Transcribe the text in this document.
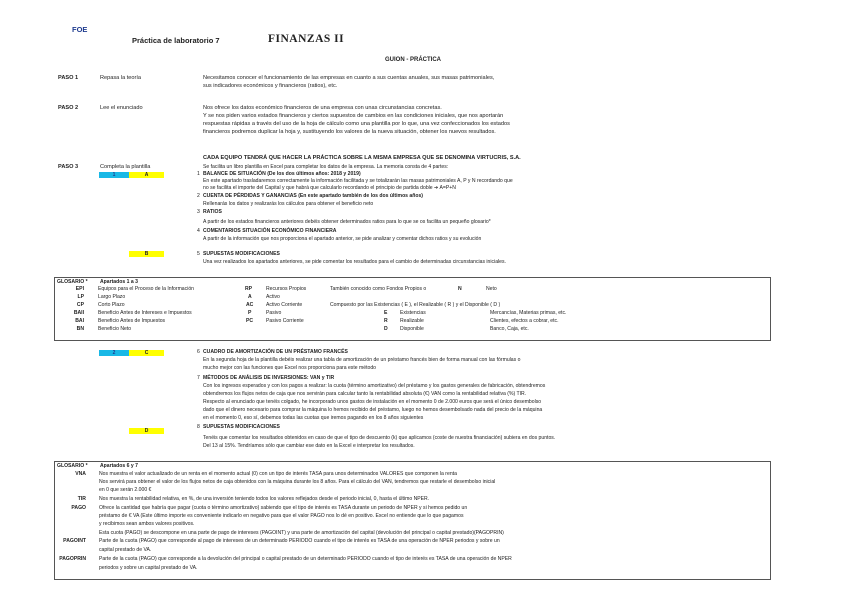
FOE
Práctica de laboratorio 7	FINANZAS II
GUION - PRÁCTICA
PASO 1	Repasa la teoría	Necesitamos conocer el funcionamiento de las empresas en cuanto a sus cuentas anuales, sus masas patrimoniales,
sus indicadores económicos y financieros (ratios), etc.
PASO 2	Lee el enunciado	Nos ofrece los datos económico financieros de una empresa con unas circunstancias concretas.
Y se nos piden varios estados financieros y ciertos supuestos de cambios en las condiciones iniciales, que nos aportarán
respuestas rápidas a través del uso de la hoja de cálculo como una plantilla por lo que, una vez confeccionados los estados
financieros podremos duplicar la hoja y, sustituyendo los valores de la nueva situación, obtener los nuevos resultados.
CADA EQUIPO TENDRÁ QUE HACER LA PRÁCTICA SOBRE LA MISMA EMPRESA QUE SE DENOMINA VIRTUCRIS, S.A.
PASO 3	Completa la plantilla	Se facilita un libro plantilla en Excel para completar los datos de la empresa. La memoria consta de 4 partes:
1	A	1 BALANCE DE SITUACIÓN (De los dos últimos años: 2018 y 2019)
En este apartado trasladaremos correctamente la información facilitada y se totalizarán las masas patrimoniales A, P y N recordando que
no se facilita el importe del Capital y que habrá que calcularlo recordando el principio de partida doble ➔ A=P+N
2 CUENTA DE PÉRDIDAS Y GANANCIAS (En este apartado también de los dos últimos años)
Rellenarás los datos y realizarás los cálculos para obtener el beneficio neto
3 RATIOS
A partir de los estados financieros anteriores debéis obtener determinados ratios para lo que se os facilita un pequeño glosario*
4 COMENTARIOS SITUACIÓN ECONÓMICO FINANCIERA
A partir de la información que nos proporciona el apartado anterior, se pide analizar y comentar dichos ratios y su evolución
B	5 SUPUESTAS MODIFICACIONES
Una vez realizados los apartados anteriores, se pide comentar los resultados para el cambio de determinadas circunstancias iniciales.
GLOSARIO * Apartados 1 a 3
EPI	Equipos para el Proceso de la Información
LP	Largo Plazo
CP	Corto Plazo
BAII	Beneficio Antes de Intereses e Impuestos
BAI	Beneficio Antes de Impuestos
BN	Beneficio Neto
RP	Recursos Propios	También conocido como Fondos Propios o	N	Neto
A	Activo
AC Activo Corriente	Compuesto por las Existencias ( E ), el Realizable ( R ) y el Disponible ( D )
P	Pasivo
PC	Pasivo Corriente
E Existencias	Mercancías, Materias primas, etc.
R Realizable	Clientes, efectos a cobrar, etc.
D Disponible	Banco, Caja, etc.
2	C	6 CUADRO DE AMORTIZACIÓN DE UN PRÉSTAMO FRANCÉS
En la segunda hoja de la plantilla debéis realizar una tabla de amortización de un préstamo francés bien de forma manual con las fórmulas o
mucho mejor con las funciones que Excel nos proporciona para este método
7 MÉTODOS DE ANÁLISIS DE INVERSIONES: VAN y TIR
Con los ingresos esperados y con los pagos a realizar: la cuota (término amortizativo) del préstamo y los gastos generales de fabricación, obtendremos
obtendremos los flujos netos de caja que nos servirán para calcular tanto la rentabilidad absoluta (€) VAN como la rentabilidad relativa (%) TIR.
Respecto al enunciado que tenéis colgado, he incorporado unos gastos de instalación en el momento 0 de 2.000 euros que será el único desembolso
dado que el dinero necesario para comprar la máquina lo hemos recibido del préstamo, luego no hemos desembolsado nada del precio de la máquina
en el momento 0, eso sí, debemos todas las cuotas que iremos pagando en los 8 años siguientes
D
8 SUPUESTAS MODIFICACIONES
Tenéis que comentar los resultados obtenidos en caso de que el tipo de descuento (k) que aplicamos (coste de nuestra financiación) subiera en dos puntos.
Del 13 al 15%. Tendríamos sólo que cambiar ese dato en la Excel e interpretar los resultados.
GLOSARIO * Apartados 6 y 7
VNA	Nos muestra el valor actualizado de un renta en el momento actual (0) con un tipo de interés TASA para unos determinados VALORES que componen la renta
Nos servirá para obtener el valor de los flujos netos de caja obtenidos con la máquina durante los 8 años. Para el cálculo del VAN, tendremos que restarle el desembolso inicial
en 0 que serán 2.000 €
TIR	Nos muestra la rentabilidad relativa, en %, de una inversión teniendo todos los valores reflejados desde el periodo inicial, 0, hasta el último NPER.
PAGO	Ofrece la cantidad que habría que pagar (cuota o término amortizativo) sabiendo que el tipo de interés es TASA durante un periodo de NPER y si hemos pedido un
préstamo de € VA (Este último importe es conveniente indicarlo en negativo para que el valor PAGO nos lo dé en positivo. Excel no entiende que lo que pagamos
y recibimos sean ambos valores positivos.
Esta cuota (PAGO) se descompone en una parte de pago de intereses (PAGOINT) y una parte de amortización del capital (devolución del principal o capital prestado)(PAGOPRIN)
PAGOINT	Parte de la cuota (PAGO) que corresponde al pago de intereses de un determinado PERIODO cuando el tipo de interés es TASA de una operación de NPER periodos y sobre un
capital prestado de VA.
PAGOPRIN	Parte de la cuota (PAGO) que corresponde a la devolución del principal o capital prestado de un determinado PERIODO cuando el tipo de interés es TASA de una operación de NPER
periodos y sobre un capital prestado de VA.
